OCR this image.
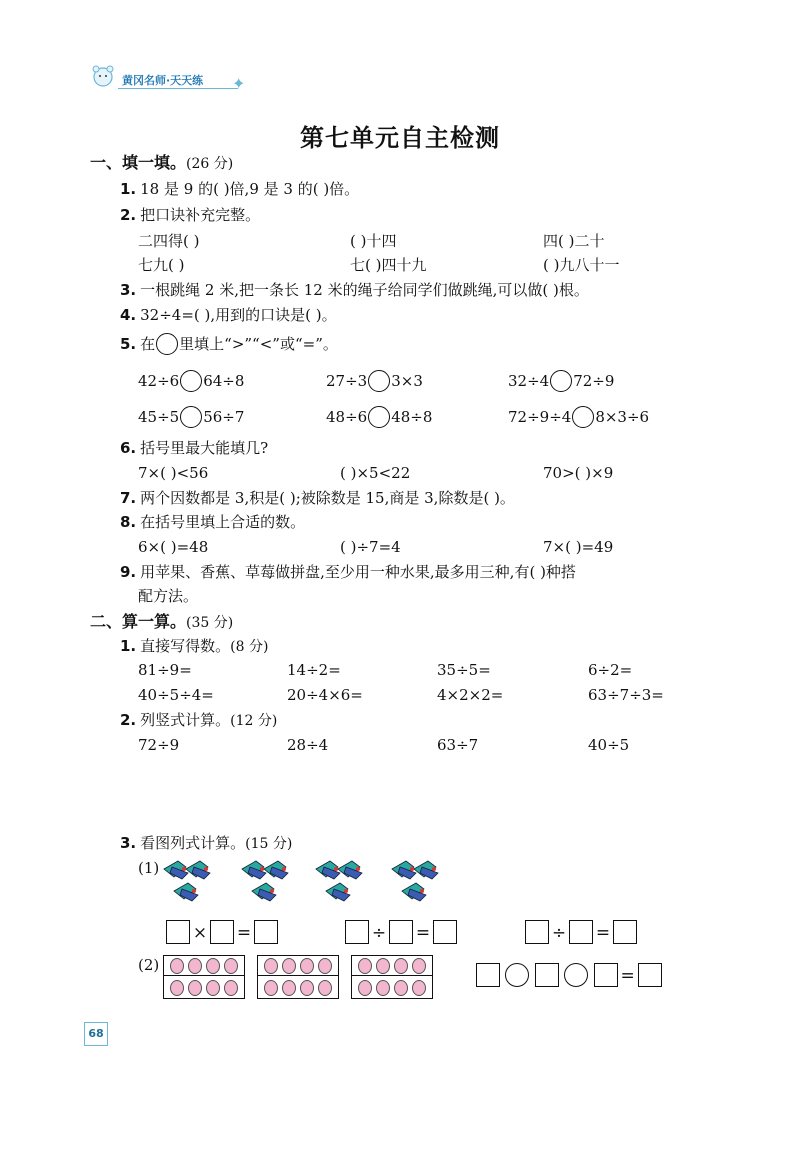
黄冈名师·天天练 ✦
第七单元自主检测
一、填一填。(26 分)
1. 18 是 9 的( )倍,9 是 3 的( )倍。
2. 把口诀补充完整。
二四得( )	( )十四	四( )二十
七九( )	七( )四十九	( )九八十一
3. 一根跳绳 2 米,把一条长 12 米的绳子给同学们做跳绳,可以做( )根。
4. 32÷4=( ),用到的口诀是( )。
5. 在 里填上“>”“<”或“=”。
42÷6 64÷8	27÷3 3×3	32÷4 72÷9
45÷5 56÷7	48÷6 48÷8	72÷9÷4 8×3÷6
6. 括号里最大能填几?
7×( )<56	( )×5<22	70>( )×9
7. 两个因数都是 3,积是( );被除数是 15,商是 3,除数是( )。
8. 在括号里填上合适的数。
6×( )=48	( )÷7=4	7×( )=49
9. 用苹果、香蕉、草莓做拼盘,至少用一种水果,最多用三种,有( )种搭
配方法。
二、算一算。(35 分)
1. 直接写得数。(8 分)
81÷9=	14÷2=	35÷5=	6÷2=
40÷5÷4=	20÷4×6=	4×2×2=	63÷7÷3=
2. 列竖式计算。(12 分)
72÷9	28÷4	63÷7	40÷5
3. 看图列式计算。(15 分)
(1)
× =	÷ =	÷ =
(2)
=
68
